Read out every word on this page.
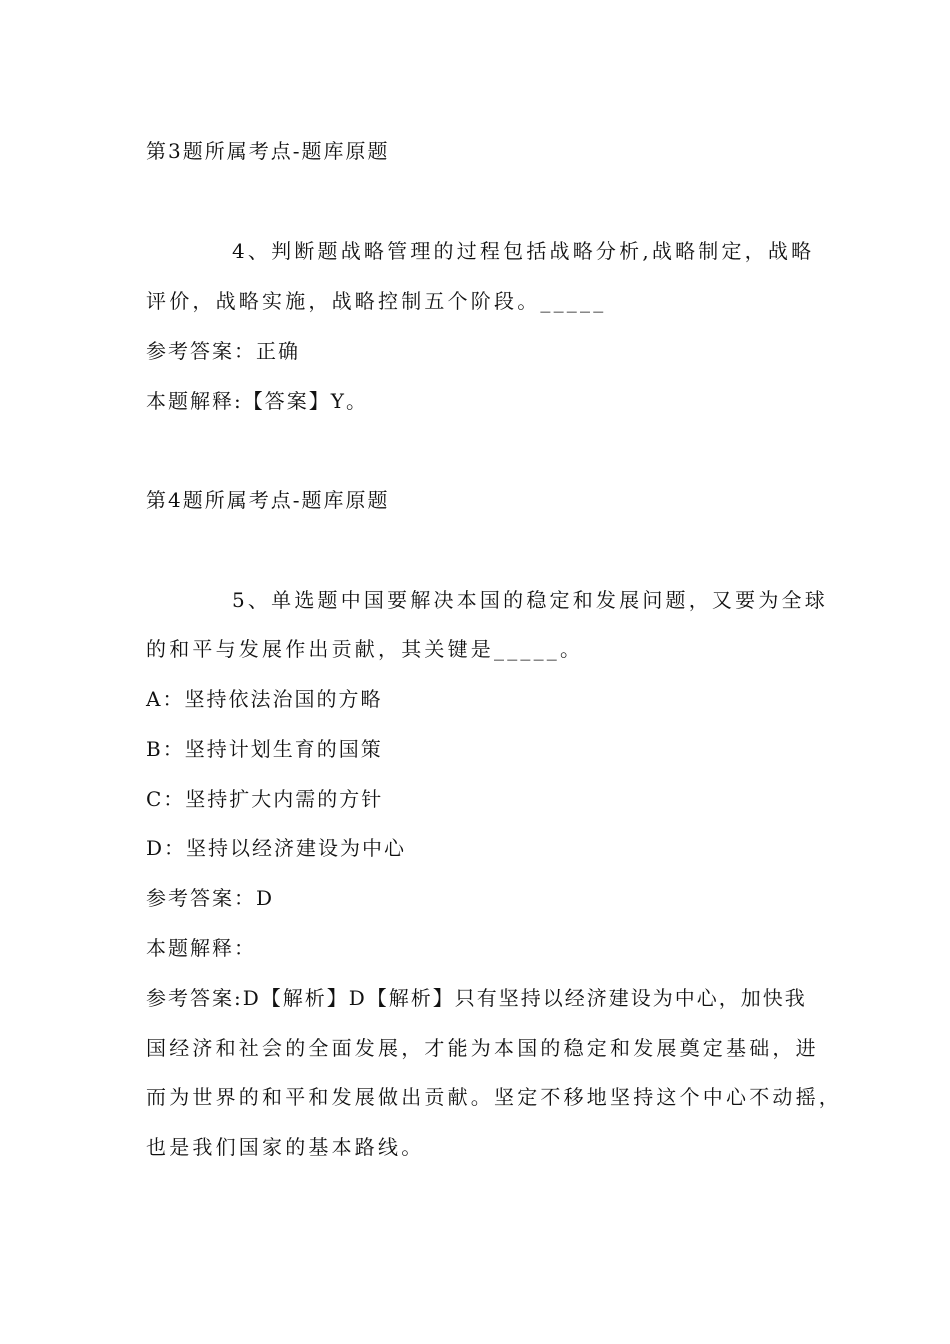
第3题所属考点-题库原题
4、判断题战略管理的过程包括战略分析,战略制定，战略
评价，战略实施，战略控制五个阶段。_____
参考答案：正确
本题解释:【答案】Y。
第4题所属考点-题库原题
5、单选题中国要解决本国的稳定和发展问题，又要为全球
的和平与发展作出贡献，其关键是_____。
A：坚持依法治国的方略
B：坚持计划生育的国策
C：坚持扩大内需的方针
D：坚持以经济建设为中心
参考答案：D
本题解释：
参考答案:D【解析】D【解析】只有坚持以经济建设为中心，加快我
国经济和社会的全面发展，才能为本国的稳定和发展奠定基础，进
而为世界的和平和发展做出贡献。坚定不移地坚持这个中心不动摇，
也是我们国家的基本路线。
